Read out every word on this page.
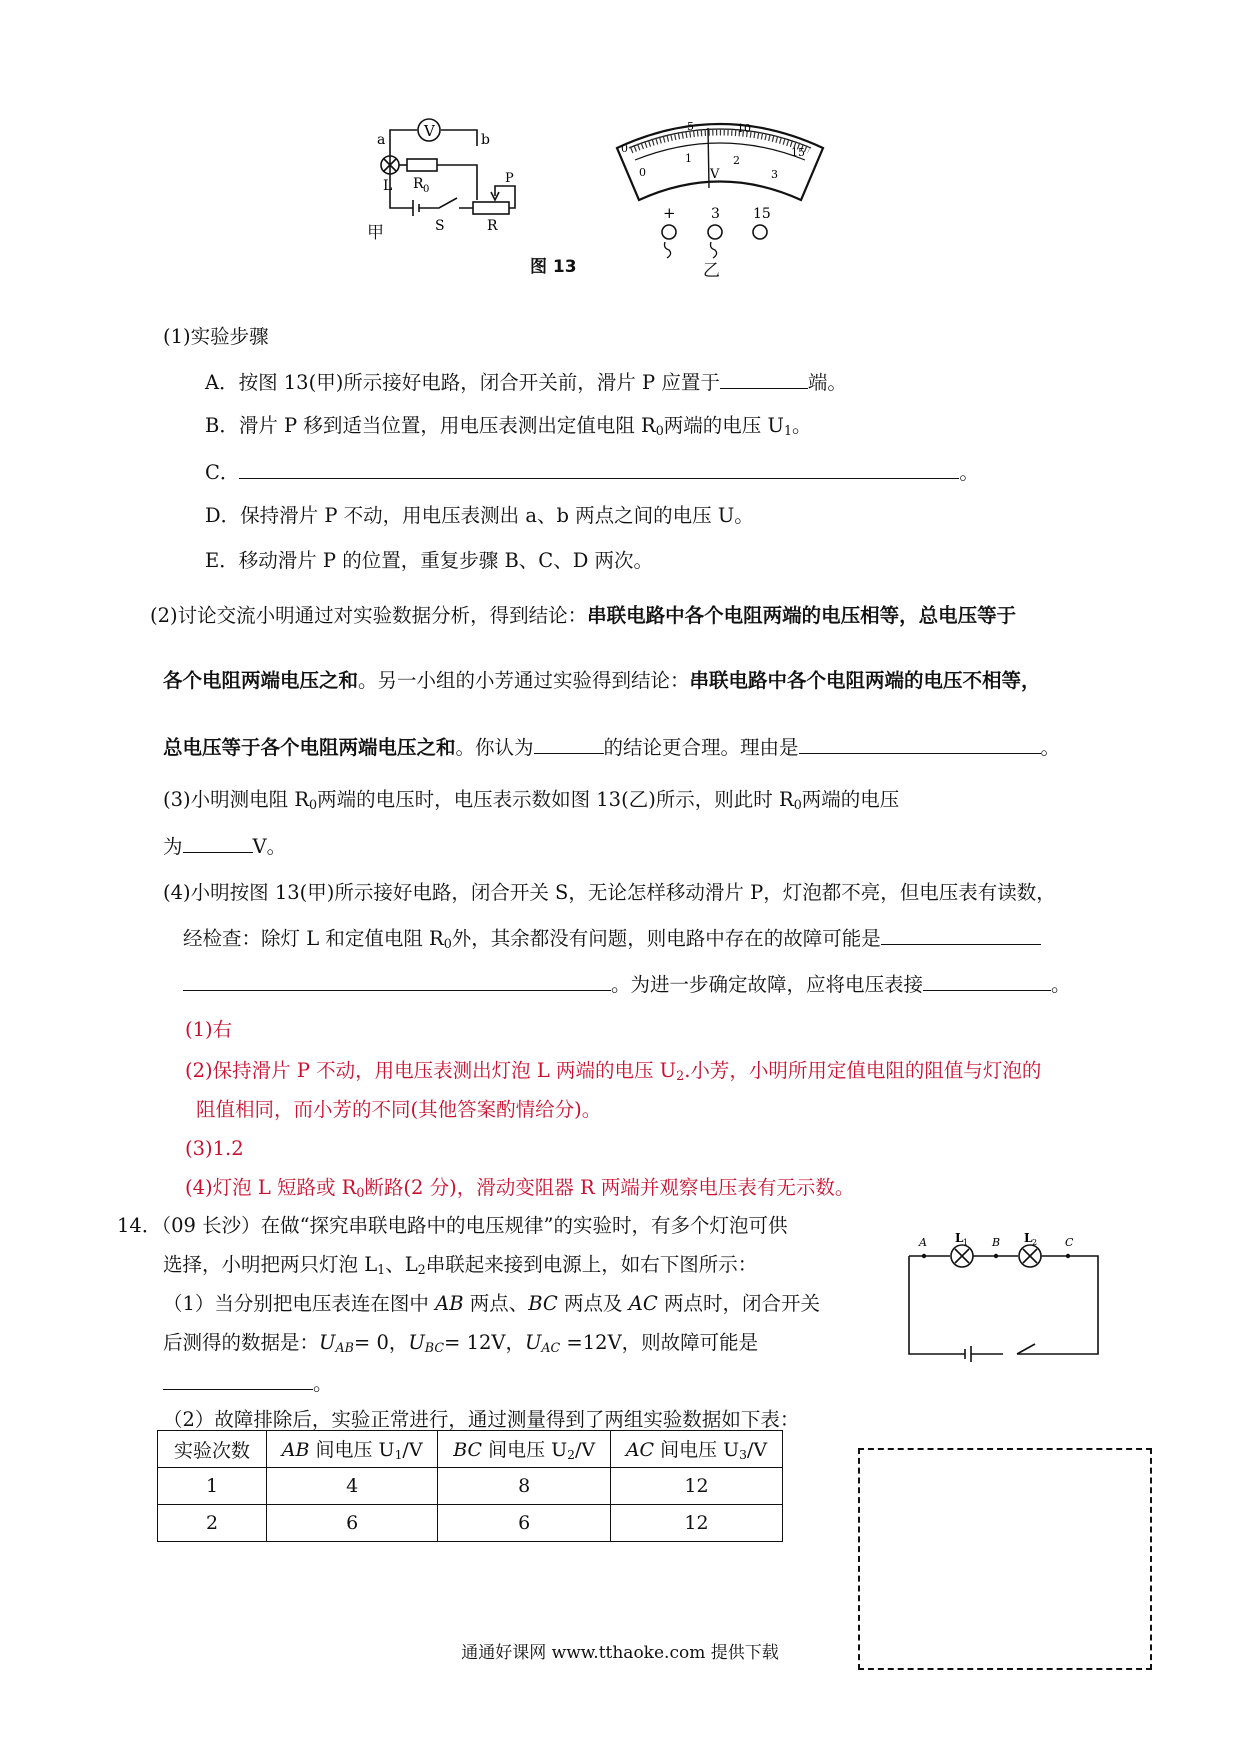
V
a	b
L R 0
P
S	R
甲
0
5	10
15
0
1	2
3
V
+	3 15
图 13	乙
(1)实验步骤
A．按图 13(甲)所示接好电路，闭合开关前，滑片 P 应置于	端。
B．滑片 P 移到适当位置，用电压表测出定值电阻 $R_0$两端的电压 $U_1$。
C．	。
D．保持滑片 P 不动，用电压表测出 a、b 两点之间的电压 U。
E．移动滑片 P 的位置，重复步骤 B、C、D 两次。
(2)讨论交流小明通过对实验数据分析，得到结论：串联电路中各个电阻两端的电压相等，总电压等于
各个电阻两端电压之和。另一小组的小芳通过实验得到结论：串联电路中各个电阻两端的电压不相等，
总电压等于各个电阻两端电压之和。你认为	的结论更合理。理由是	。
(3)小明测电阻 $R_0$两端的电压时，电压表示数如图 13(乙)所示，则此时 $R_0$两端的电压
为	V。
(4)小明按图 13(甲)所示接好电路，闭合开关 S，无论怎样移动滑片 P，灯泡都不亮，但电压表有读数，
经检查：除灯 L 和定值电阻 $R_0$外，其余都没有问题，则电路中存在的故障可能是
。为进一步确定故障，应将电压表接	。
(1)右
(2)保持滑片 P 不动，用电压表测出灯泡 L 两端的电压 $U_2$.小芳，小明所用定值电阻的阻值与灯泡的
阻值相同，而小芳的不同(其他答案酌情给分)。
(3)1.2
(4)灯泡 L 短路或 $R_0$断路(2 分)，滑动变阻器 R 两端并观察电压表有无示数。
14．（09 长沙）在做“探究串联电路中的电压规律”的实验时，有多个灯泡可供
选择，小明把两只灯泡 $L_1$、$L_2$串联起来接到电源上，如右下图所示：
（1）当分别把电压表连在图中 AB 两点、BC 两点及 AC 两点时，闭合开关
后测得的数据是：$U_{AB}= 0$，$U_{BC}= 12V$，$U_{AC} =12V$，则故障可能是
。
（2）故障排除后，实验正常进行，通过测量得到了两组实验数据如下表：
A L 1 B L 2	C
实验次数	AB 间电压 $U_1/V$	BC 间电压 $U_2/V$	AC 间电压 $U_3/V$
1	4	8	12
2	6	6	12
通通好课网 www.tthaoke.com 提供下载
